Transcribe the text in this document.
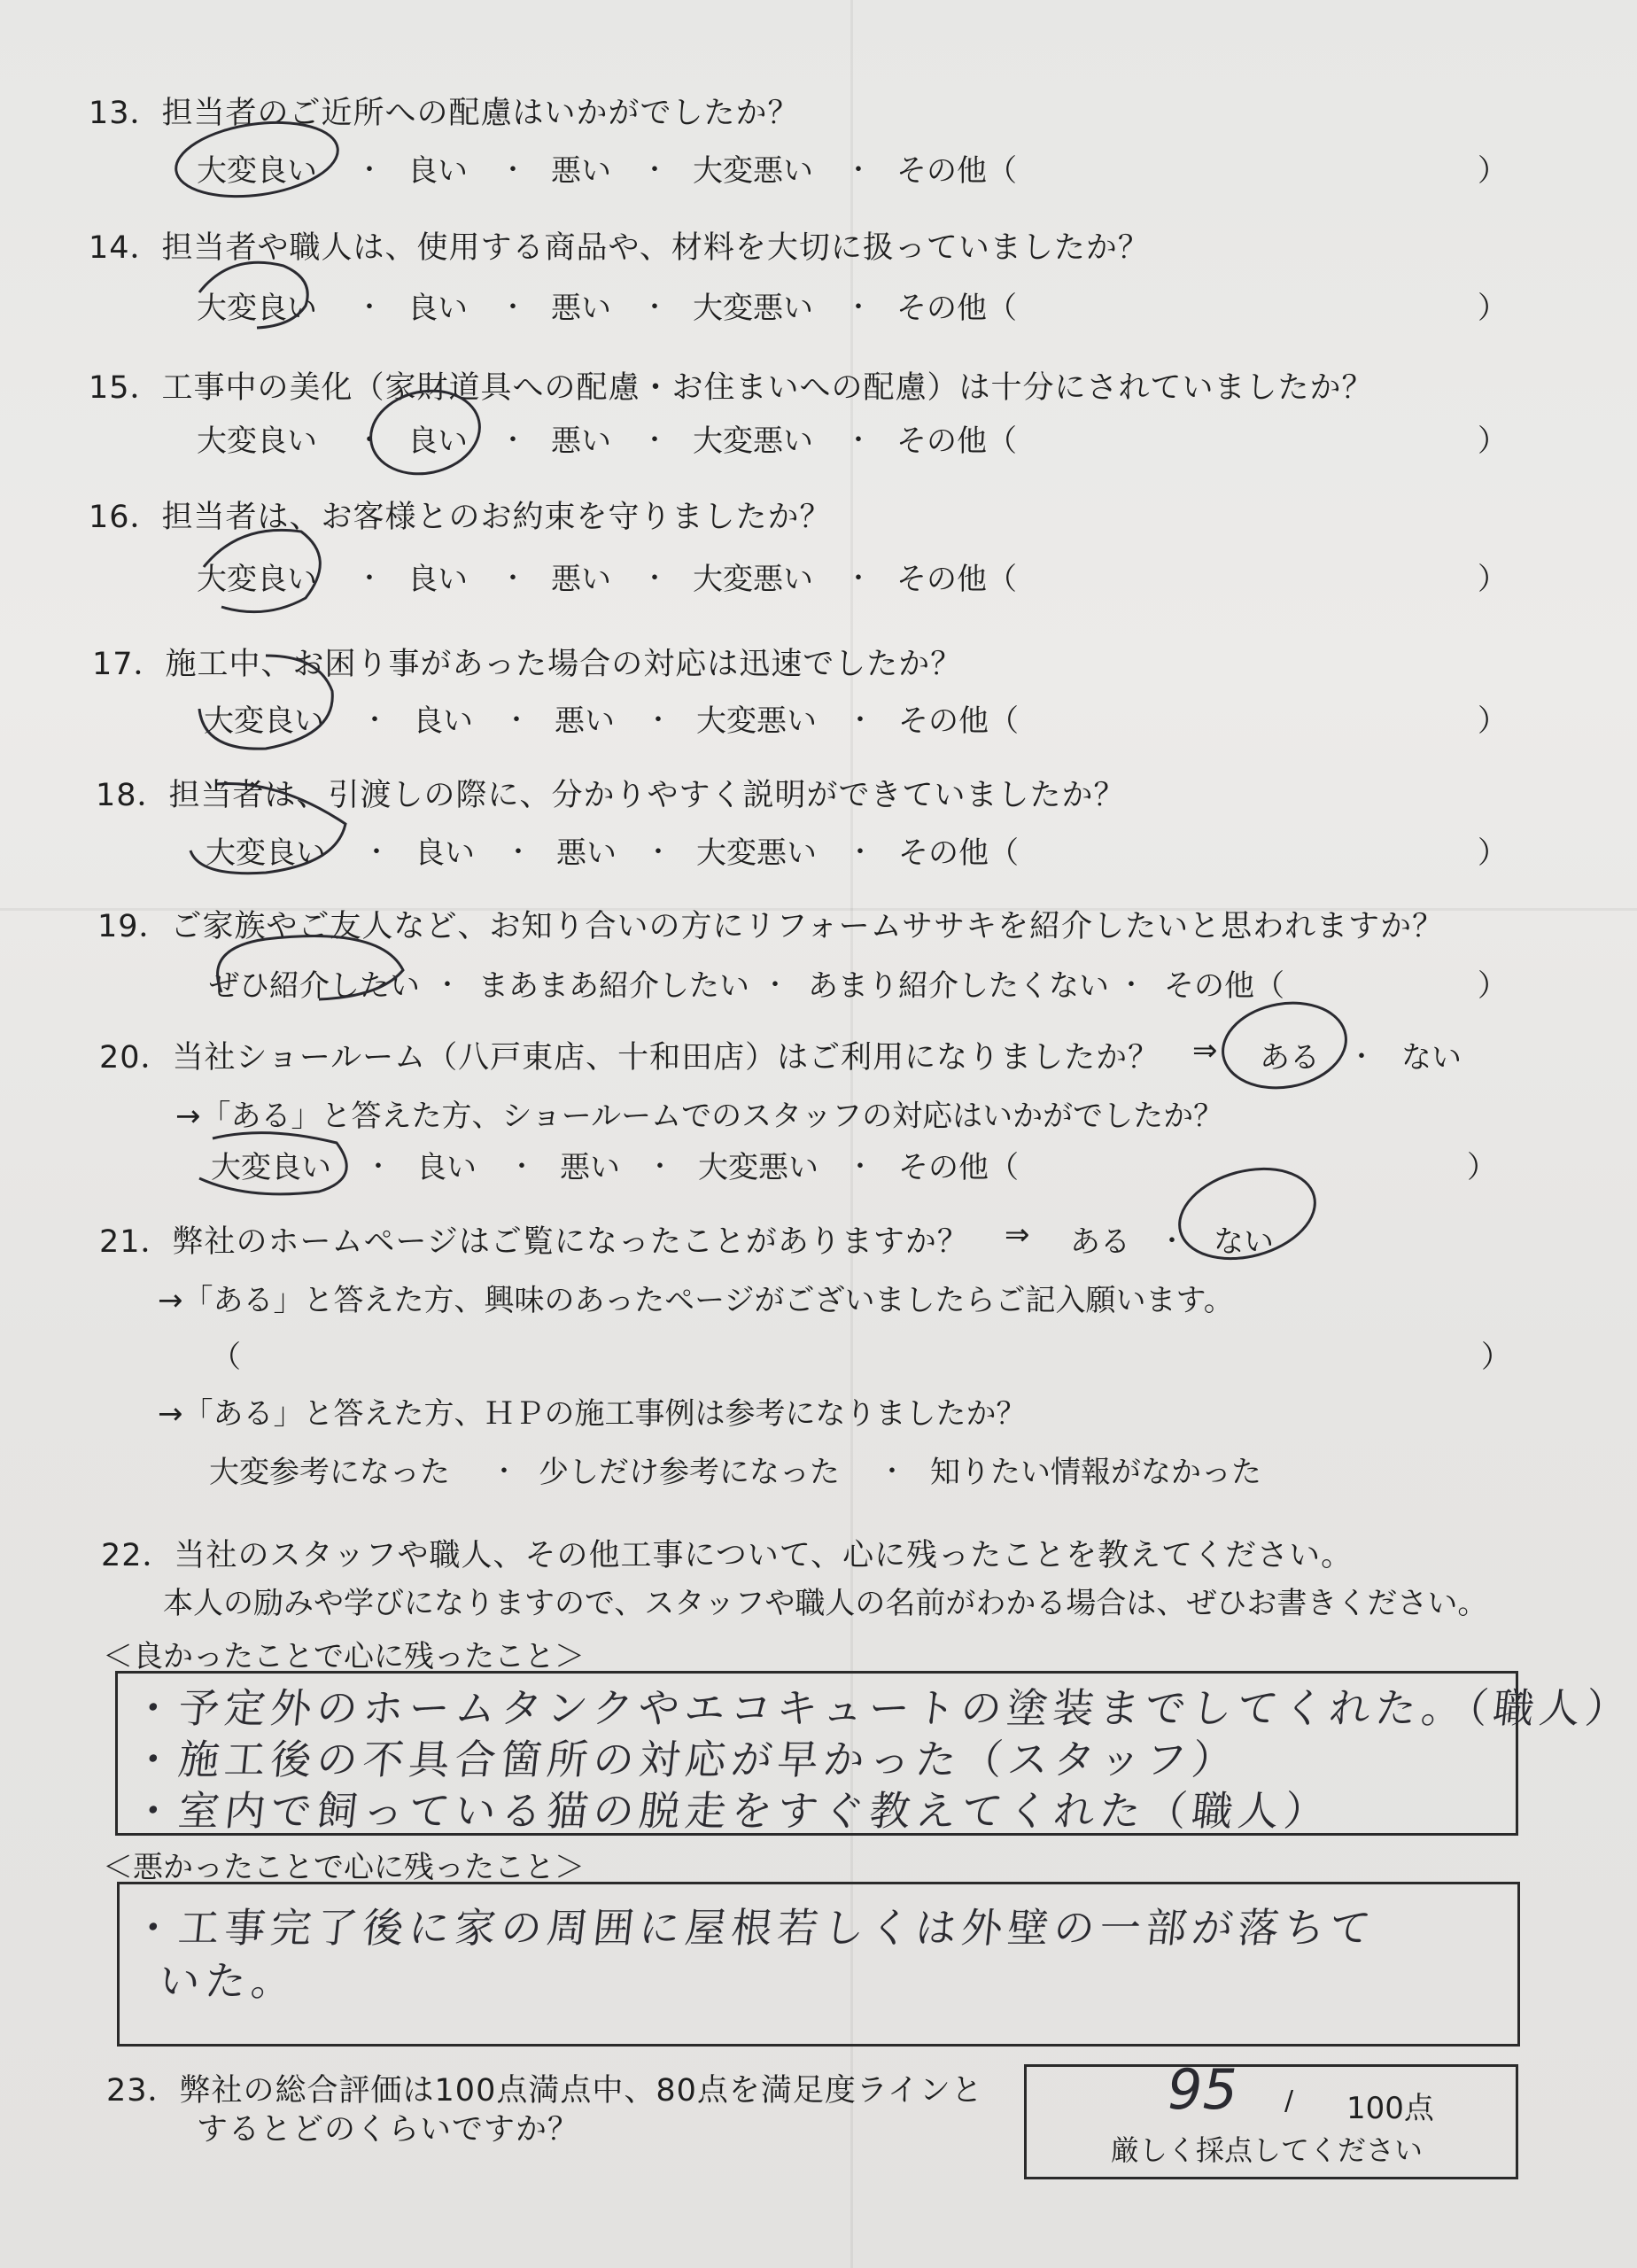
13．担当者のご近所への配慮はいかがでしたか？
大変良い ・ 良い ・ 悪い ・ 大変悪い ・ その他（	）
14．担当者や職人は、使用する商品や、材料を大切に扱っていましたか？
大変良い ・ 良い ・ 悪い ・ 大変悪い ・ その他（	）
15．工事中の美化（家財道具への配慮・お住まいへの配慮）は十分にされていましたか？
大変良い ・ 良い ・ 悪い ・ 大変悪い ・ その他（	）
16．担当者は、お客様とのお約束を守りましたか？
大変良い ・ 良い ・ 悪い ・ 大変悪い ・ その他（	）
17．施工中、お困り事があった場合の対応は迅速でしたか？
大変良い ・ 良い ・ 悪い ・ 大変悪い ・ その他（	）
18．担当者は、引渡しの際に、分かりやすく説明ができていましたか？
大変良い ・ 良い ・ 悪い ・ 大変悪い ・ その他（	）
19．ご家族やご友人など、お知り合いの方にリフォームササキを紹介したいと思われますか？
ぜひ紹介したい ・ まあまあ紹介したい ・ あまり紹介したくない ・ その他（	）
20．当社ショールーム（八戸東店、十和田店）はご利用になりましたか？ ⇒ ある ・ ない
→「ある」と答えた方、ショールームでのスタッフの対応はいかがでしたか？
大変良い ・ 良い ・ 悪い ・ 大変悪い ・ その他（	）
21．弊社のホームページはご覧になったことがありますか？ ⇒ ある ・ ない
→「ある」と答えた方、興味のあったページがございましたらご記入願います。
（	）
→「ある」と答えた方、ＨＰの施工事例は参考になりましたか？
大変参考になった ・ 少しだけ参考になった ・ 知りたい情報がなかった
22．当社のスタッフや職人、その他工事について、心に残ったことを教えてください。
本人の励みや学びになりますので、スタッフや職人の名前がわかる場合は、ぜひお書きください。
＜良かったことで心に残ったこと＞
・予定外のホームタンクやエコキュートの塗装までしてくれた。（職人）
・施工後の不具合箇所の対応が早かった（スタッフ）
・室内で飼っている猫の脱走をすぐ教えてくれた（職人）
＜悪かったことで心に残ったこと＞
・工事完了後に家の周囲に屋根若しくは外壁の一部が落ちて
いた。
23．弊社の総合評価は100点満点中、80点を満足度ラインと
するとどのくらいですか？
95 / 100点
厳しく採点してください
